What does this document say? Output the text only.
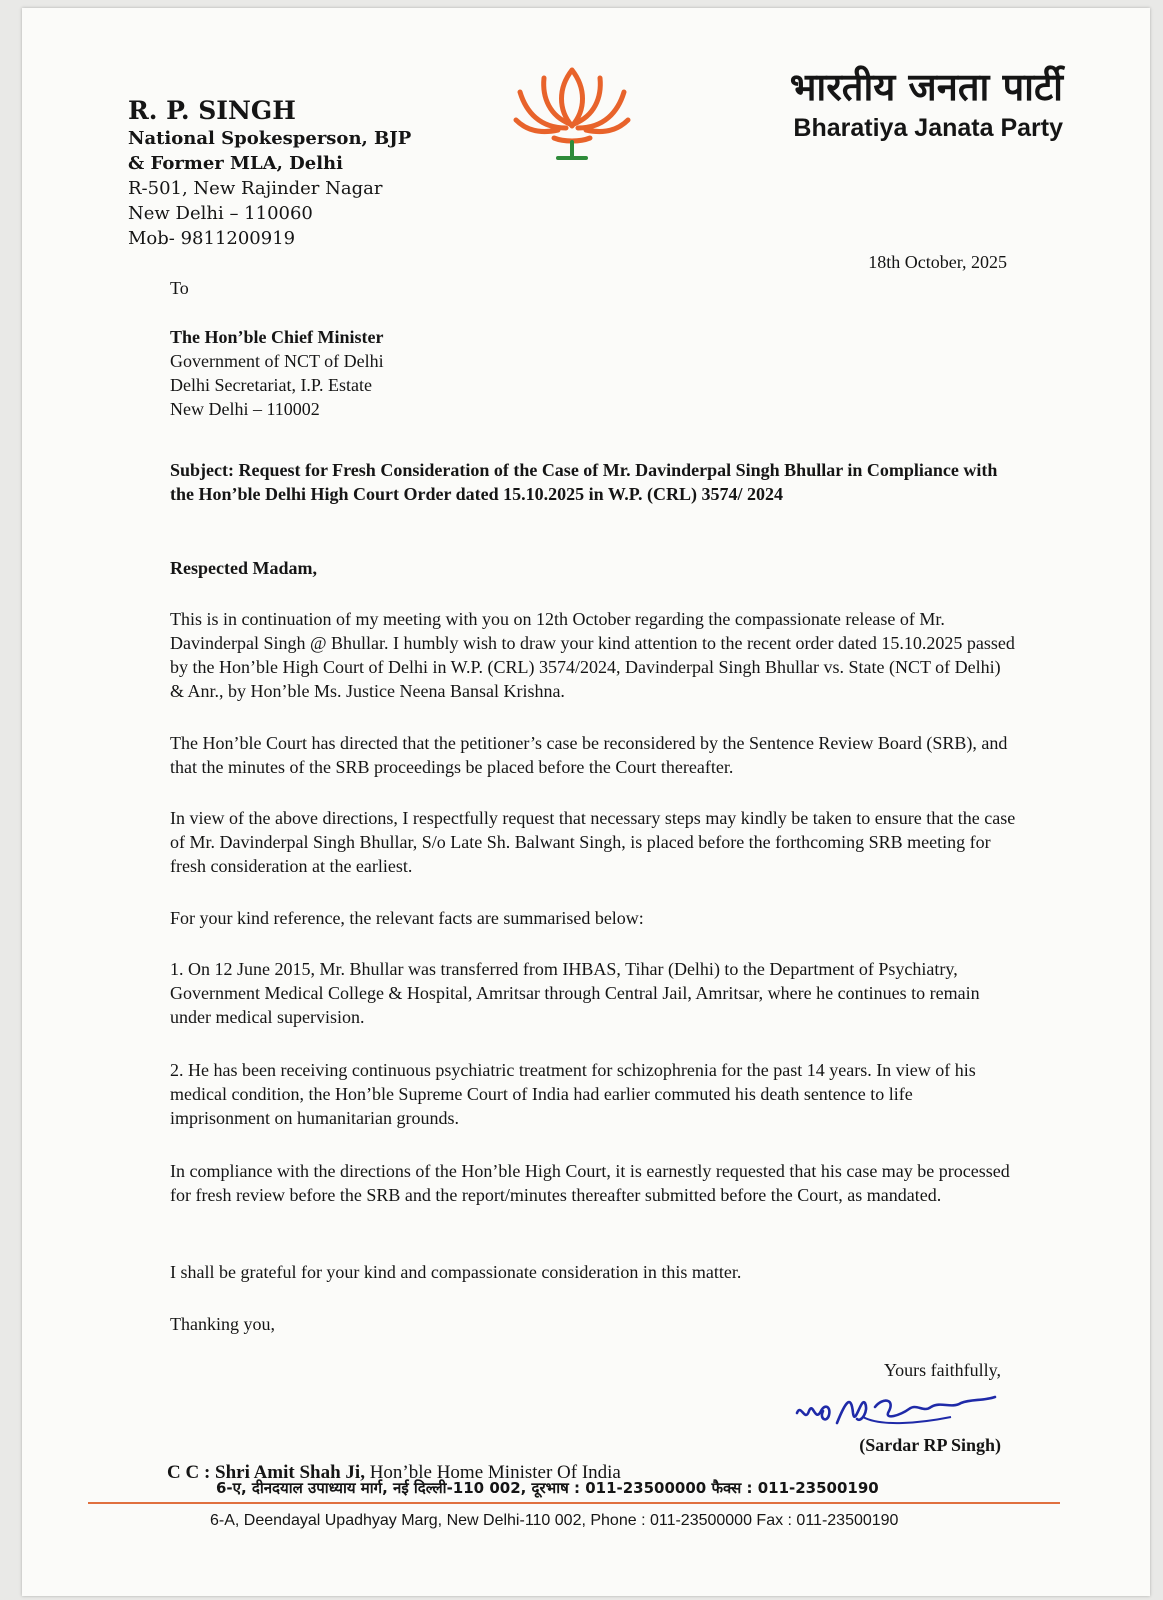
R. P. SINGH
National Spokesperson, BJP
& Former MLA, Delhi
R-501, New Rajinder Nagar
New Delhi – 110060
Mob- 9811200919
भारतीय जनता पार्टी
Bharatiya Janata Party
18th October, 2025
To
The Hon’ble Chief Minister
Government of NCT of Delhi
Delhi Secretariat, I.P. Estate
New Delhi – 110002
Subject: Request for Fresh Consideration of the Case of Mr. Davinderpal Singh Bhullar in Compliance with the Hon’ble Delhi High Court Order dated 15.10.2025 in W.P. (CRL) 3574/ 2024
Respected Madam,

This is in continuation of my meeting with you on 12th October regarding the compassionate release of Mr. Davinderpal Singh @ Bhullar. I humbly wish to draw your kind attention to the recent order dated 15.10.2025 passed by the Hon’ble High Court of Delhi in W.P. (CRL) 3574/2024, Davinderpal Singh Bhullar vs. State (NCT of Delhi) & Anr., by Hon’ble Ms. Justice Neena Bansal Krishna.

The Hon’ble Court has directed that the petitioner’s case be reconsidered by the Sentence Review Board (SRB), and that the minutes of the SRB proceedings be placed before the Court thereafter.

In view of the above directions, I respectfully request that necessary steps may kindly be taken to ensure that the case of Mr. Davinderpal Singh Bhullar, S/o Late Sh. Balwant Singh, is placed before the forthcoming SRB meeting for fresh consideration at the earliest.

For your kind reference, the relevant facts are summarised below:

1. On 12 June 2015, Mr. Bhullar was transferred from IHBAS, Tihar (Delhi) to the Department of Psychiatry, Government Medical College & Hospital, Amritsar through Central Jail, Amritsar, where he continues to remain under medical supervision.

2. He has been receiving continuous psychiatric treatment for schizophrenia for the past 14 years. In view of his medical condition, the Hon’ble Supreme Court of India had earlier commuted his death sentence to life imprisonment on humanitarian grounds.

In compliance with the directions of the Hon’ble High Court, it is earnestly requested that his case may be processed for fresh review before the SRB and the report/minutes thereafter submitted before the Court, as mandated.

I shall be grateful for your kind and compassionate consideration in this matter.

Thanking you,

Yours faithfully,
(Sardar RP Singh)
C C : Shri Amit Shah Ji, Hon’ble Home Minister Of India
6-ए, दीनदयाल उपाध्याय मार्ग, नई दिल्ली-110 002, दूरभाष : 011-23500000 फैक्स : 011-23500190
6-A, Deendayal Upadhyay Marg, New Delhi-110 002, Phone : 011-23500000 Fax : 011-23500190
